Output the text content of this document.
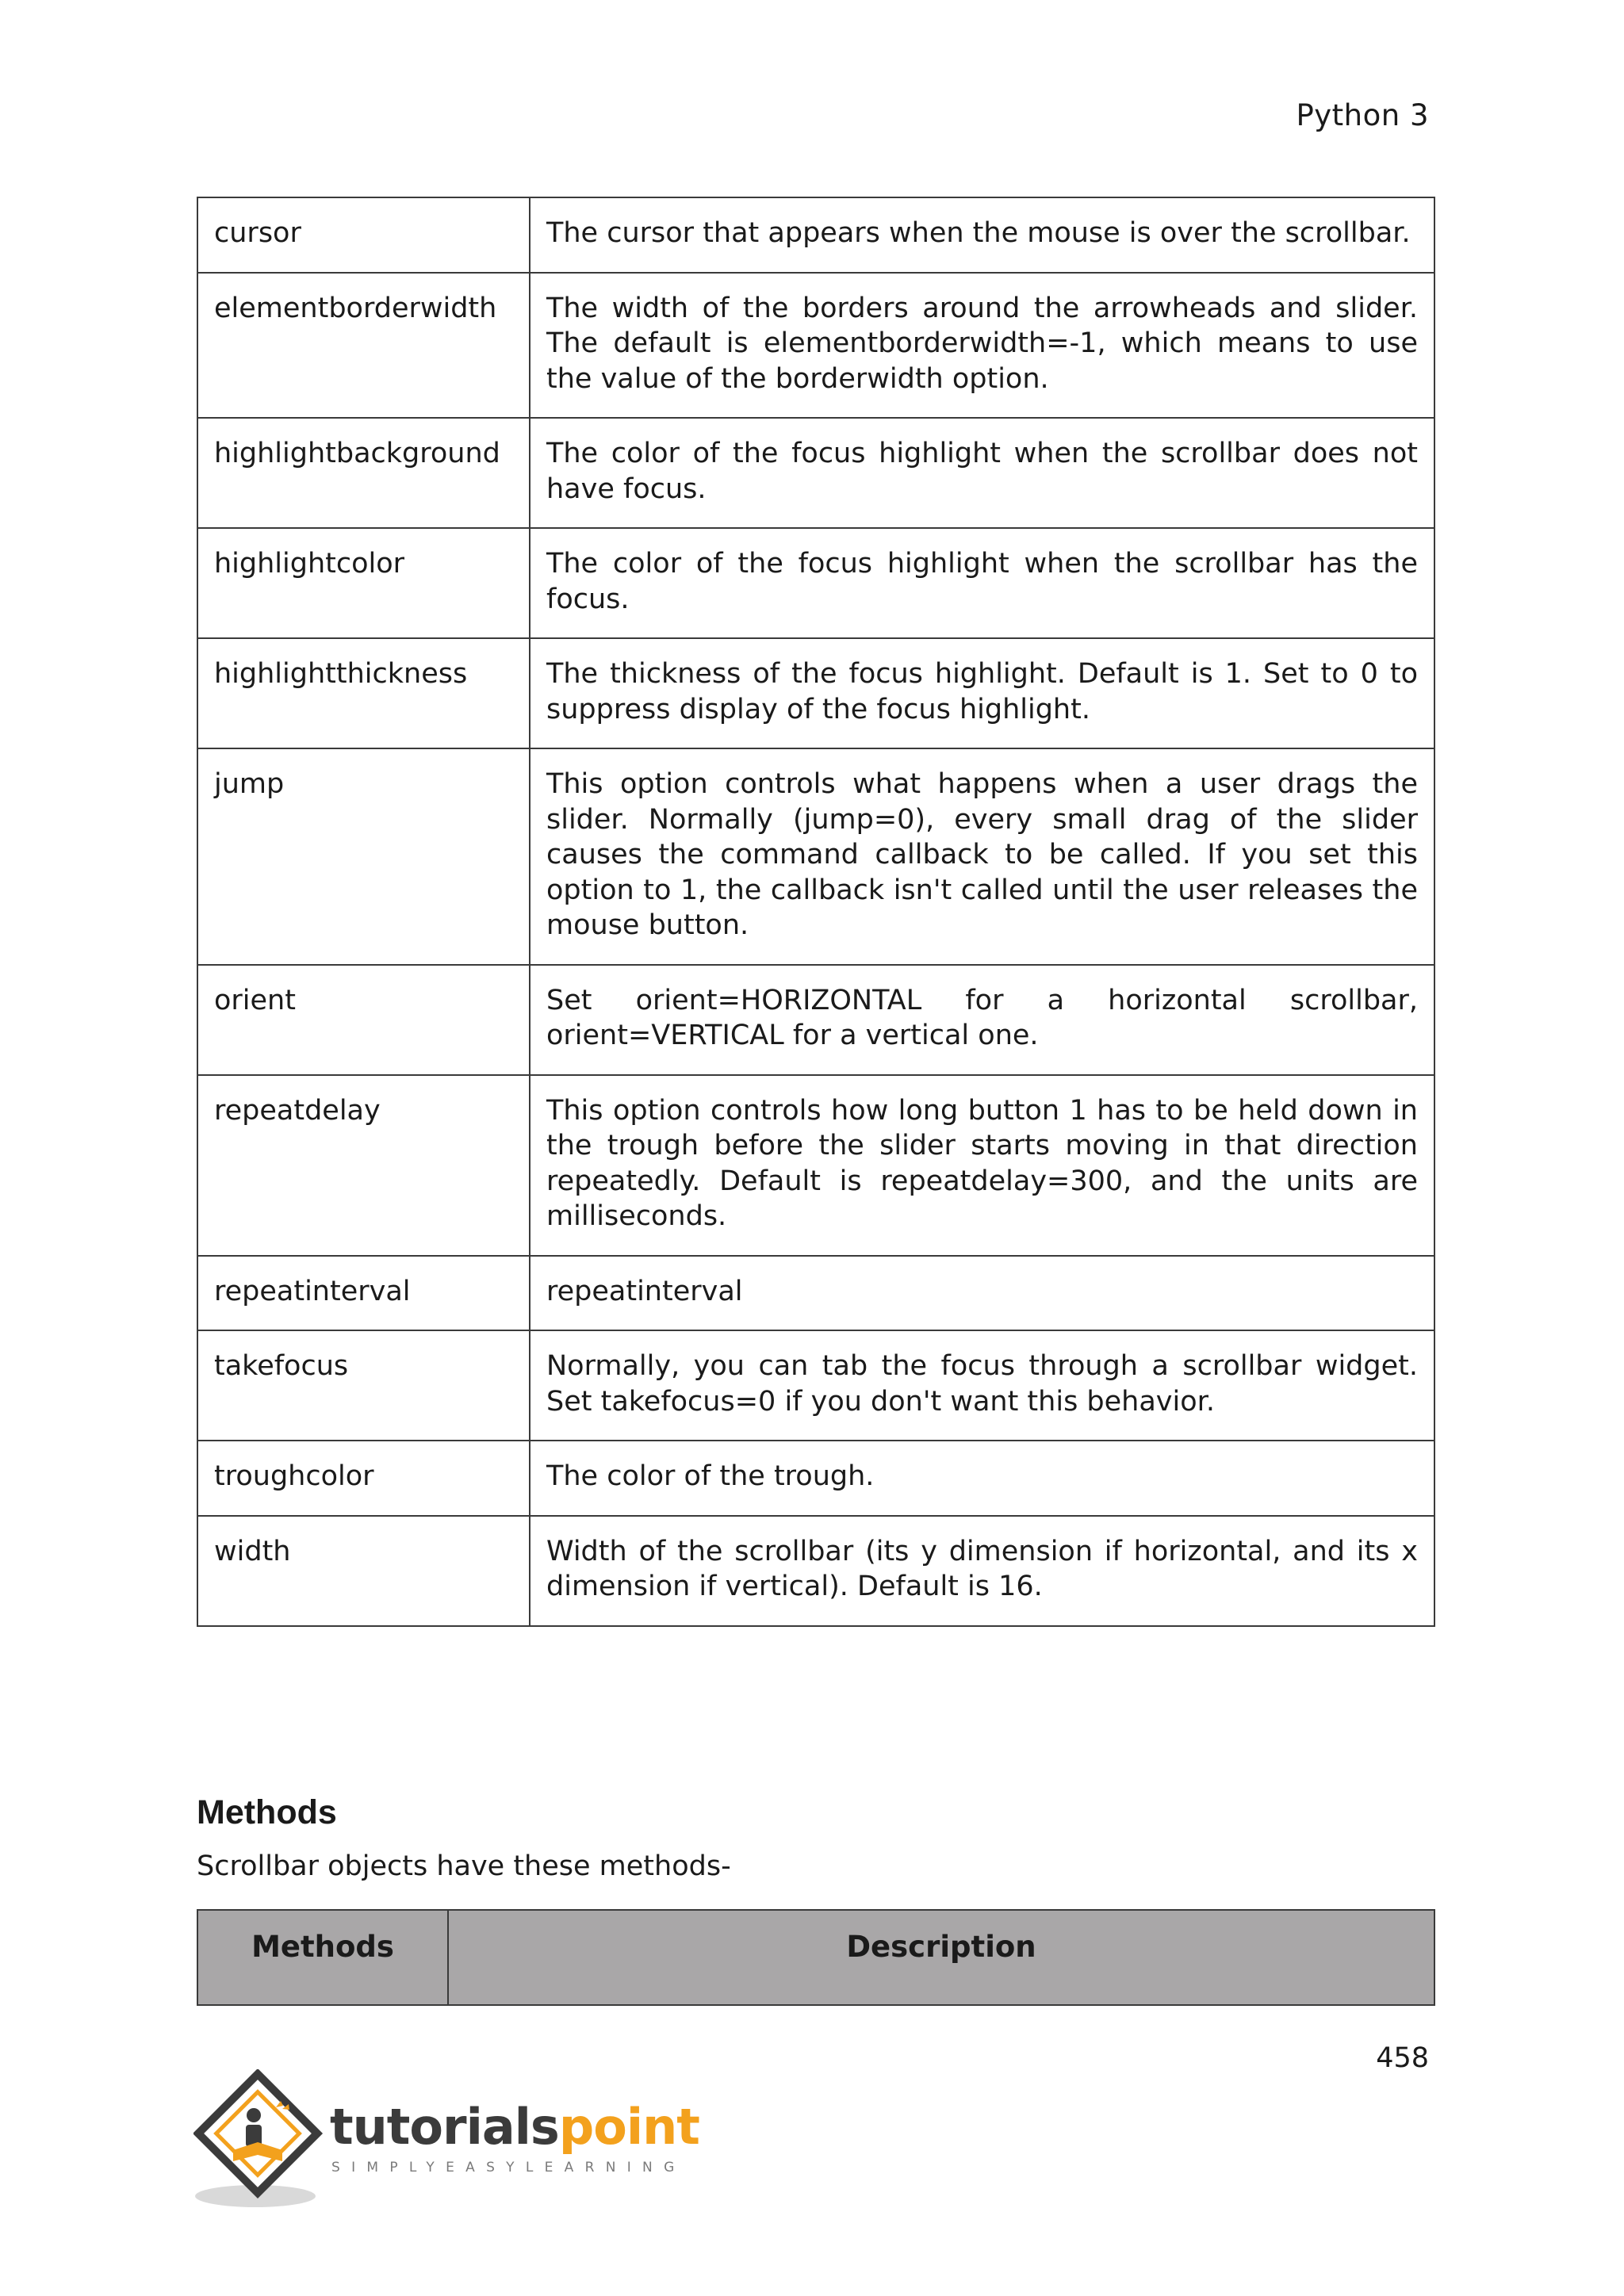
Python 3
cursor	The cursor that appears when the mouse is over the scrollbar.
elementborderwidth	The width of the borders around the arrowheads and slider. The default is elementborderwidth=-1, which means to use the value of the borderwidth option.
highlightbackground	The color of the focus highlight when the scrollbar does not have focus.
highlightcolor	The color of the focus highlight when the scrollbar has the focus.
highlightthickness	The thickness of the focus highlight. Default is 1. Set to 0 to suppress display of the focus highlight.
jump	This option controls what happens when a user drags the slider. Normally (jump=0), every small drag of the slider causes the command callback to be called. If you set this option to 1, the callback isn't called until the user releases the mouse button.
orient	Set orient=HORIZONTAL for a horizontal scrollbar, orient=VERTICAL for a vertical one.
repeatdelay	This option controls how long button 1 has to be held down in the trough before the slider starts moving in that direction repeatedly. Default is repeatdelay=300, and the units are milliseconds.
repeatinterval	repeatinterval
takefocus	Normally, you can tab the focus through a scrollbar widget. Set takefocus=0 if you don't want this behavior.
troughcolor	The color of the trough.
width	Width of the scrollbar (its y dimension if horizontal, and its x dimension if vertical). Default is 16.
Methods

Scrollbar objects have these methods-

Methods	Description
458
tutorialspoint
SIMPLYEASYLEARNING
